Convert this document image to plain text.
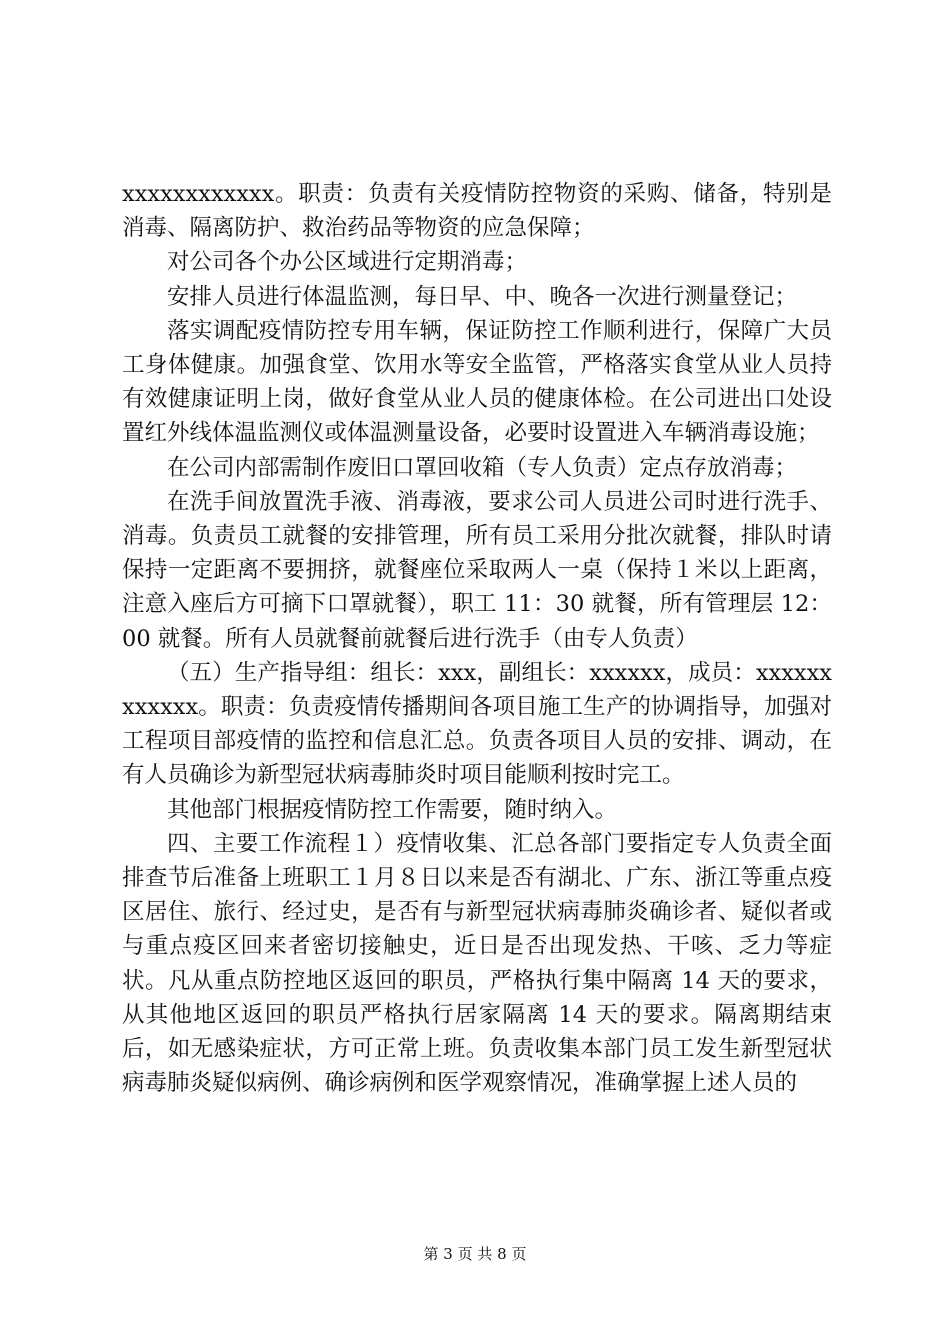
xxxxxxxxxxxx。职责：负责有关疫情防控物资的采购、储备，特别是消毒、隔离防护、救治药品等物资的应急保障；

对公司各个办公区域进行定期消毒；

安排人员进行体温监测，每日早、中、晚各一次进行测量登记；

落实调配疫情防控专用车辆，保证防控工作顺利进行，保障广大员工身体健康。加强食堂、饮用水等安全监管，严格落实食堂从业人员持有效健康证明上岗，做好食堂从业人员的健康体检。在公司进出口处设置红外线体温监测仪或体温测量设备，必要时设置进入车辆消毒设施；

在公司内部需制作废旧口罩回收箱（专人负责）定点存放消毒；

在洗手间放置洗手液、消毒液，要求公司人员进公司时进行洗手、消毒。负责员工就餐的安排管理，所有员工采用分批次就餐，排队时请保持一定距离不要拥挤，就餐座位采取两人一桌（保持１米以上距离，注意入座后方可摘下口罩就餐），职工 11：30 就餐，所有管理层 12：00 就餐。所有人员就餐前就餐后进行洗手（由专人负责）

（五）生产指导组：组长：xxx，副组长：xxxxxx，成员：xxxxxxxxxxxx。职责：负责疫情传播期间各项目施工生产的协调指导，加强对工程项目部疫情的监控和信息汇总。负责各项目人员的安排、调动，在有人员确诊为新型冠状病毒肺炎时项目能顺利按时完工。

其他部门根据疫情防控工作需要，随时纳入。

四、主要工作流程１）疫情收集、汇总各部门要指定专人负责全面排查节后准备上班职工１月８日以来是否有湖北、广东、浙江等重点疫区居住、旅行、经过史，是否有与新型冠状病毒肺炎确诊者、疑似者或与重点疫区回来者密切接触史，近日是否出现发热、干咳、乏力等症状。凡从重点防控地区返回的职员，严格执行集中隔离 14 天的要求，从其他地区返回的职员严格执行居家隔离 14 天的要求。隔离期结束后，如无感染症状，方可正常上班。负责收集本部门员工发生新型冠状病毒肺炎疑似病例、确诊病例和医学观察情况，准确掌握上述人员的

第 3 页 共 8 页
